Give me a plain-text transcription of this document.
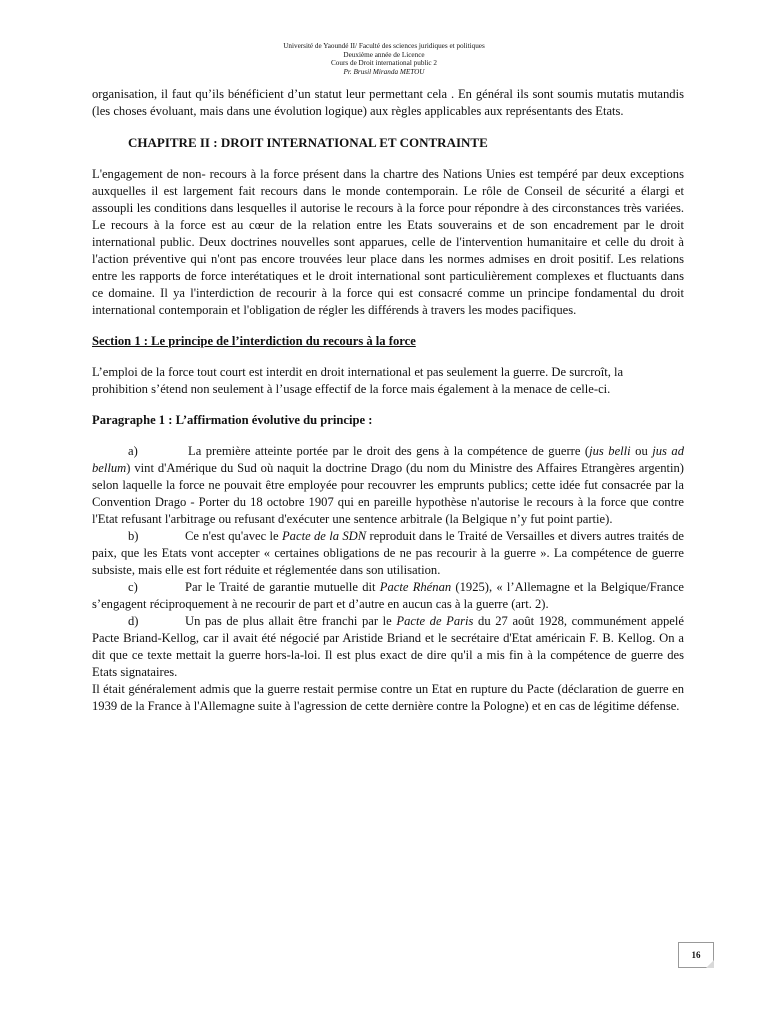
Université de Yaoundé II/ Faculté des sciences juridiques et politiques
Deuxième année de Licence
Cours de Droit international public 2
Pr. Brusil Miranda METOU

organisation, il faut qu’ils bénéficient d’un statut leur permettant cela . En général ils sont soumis mutatis mutandis (les choses évoluant, mais dans une évolution logique) aux règles applicables aux représentants des Etats.

CHAPITRE II : DROIT INTERNATIONAL ET CONTRAINTE

L'engagement de non- recours à la force présent dans la chartre des Nations Unies est tempéré par deux exceptions auxquelles il est largement fait recours dans le monde contemporain. Le rôle de Conseil de sécurité a élargi et assoupli les conditions dans lesquelles il autorise le recours à la force pour répondre à des circonstances très variées. Le recours à la force est au cœur de la relation entre les Etats souverains et de son encadrement par le droit international public. Deux doctrines nouvelles sont apparues, celle de l'intervention humanitaire et celle du droit à l'action préventive qui n'ont pas encore trouvées leur place dans les normes admises en droit positif. Les relations entre les rapports de force interétatiques et le droit international sont particulièrement complexes et fluctuants dans ce domaine. Il ya l'interdiction de recourir à la force qui est consacré comme un principe fondamental du droit international contemporain et l'obligation de régler les différends à travers les modes pacifiques.

Section 1 : Le principe de l’interdiction du recours à la force

L’emploi de la force tout court est interdit en droit international et pas seulement la guerre. De surcroît, la
prohibition s’étend non seulement à l’usage effectif de la force mais également à la menace de celle-ci.

Paragraphe 1 : L’affirmation évolutive du principe :

a)	La première atteinte portée par le droit des gens à la compétence de guerre (jus belli ou jus ad bellum) vint d'Amérique du Sud où naquit la doctrine Drago (du nom du Ministre des Affaires Etrangères argentin) selon laquelle la force ne pouvait être employée pour recouvrer les emprunts publics; cette idée fut consacrée par la Convention Drago - Porter du 18 octobre 1907 qui en pareille hypothèse n'autorise le recours à la force que contre l'Etat refusant l'arbitrage ou refusant d'exécuter une sentence arbitrale (la Belgique n’y fut point partie).

b)	Ce n'est qu'avec le Pacte de la SDN reproduit dans le Traité de Versailles et divers autres traités de paix, que les Etats vont accepter « certaines obligations de ne pas recourir à la guerre ». La compétence de guerre subsiste, mais elle est fort réduite et réglementée dans son utilisation.

c)	Par le Traité de garantie mutuelle dit Pacte Rhénan (1925), « l’Allemagne et la Belgique/France s’engagent réciproquement à ne recourir de part et d’autre en aucun cas à la guerre (art. 2).

d)	Un pas de plus allait être franchi par le Pacte de Paris du 27 août 1928, communément appelé Pacte Briand-Kellog, car il avait été négocié par Aristide Briand et le secrétaire d'Etat américain F. B. Kellog. On a dit que ce texte mettait la guerre hors-la-loi. Il est plus exact de dire qu'il a mis fin à la compétence de guerre des Etats signataires.

Il était généralement admis que la guerre restait permise contre un Etat en rupture du Pacte (déclaration de guerre en 1939 de la France à l'Allemagne suite à l'agression de cette dernière contre la Pologne) et en cas de légitime défense.

16
